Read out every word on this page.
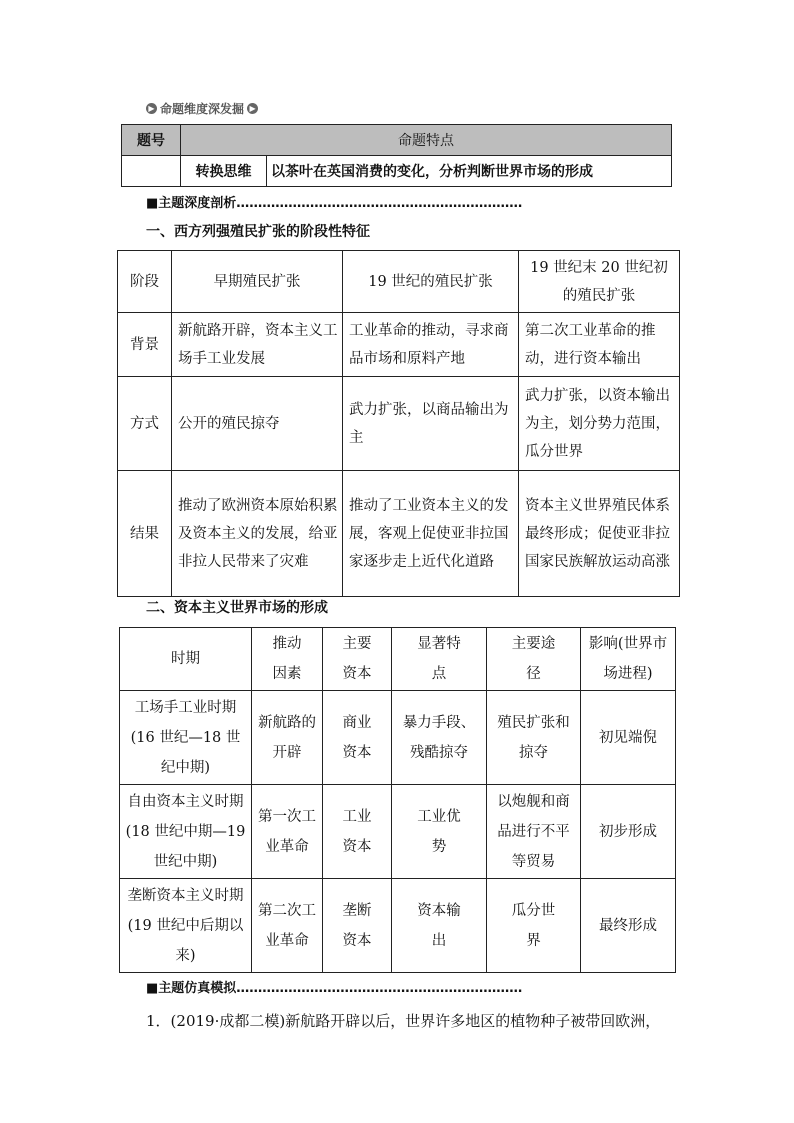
▶ 命题维度深发掘 ▶
题号	命题特点	
	转换思维	以茶叶在英国消费的变化，分析判断世界市场的形成
■主题深度剖析…………………………………………………………
一、西方列强殖民扩张的阶段性特征
阶段	早期殖民扩张	19 世纪的殖民扩张	19 世纪末 20 世纪初的殖民扩张
背景	新航路开辟，资本主义工场手工业发展	工业革命的推动，寻求商品市场和原料产地	第二次工业革命的推动，进行资本输出
方式	公开的殖民掠夺	武力扩张，以商品输出为主	武力扩张，以资本输出为主，划分势力范围，瓜分世界
结果	推动了欧洲资本原始积累及资本主义的发展，给亚非拉人民带来了灾难	推动了工业资本主义的发展，客观上促使亚非拉国家逐步走上近代化道路	资本主义世界殖民体系最终形成；促使亚非拉国家民族解放运动高涨
二、资本主义世界市场的形成
时期	推动因素	主要资本	显著特点	主要途径	影响(世界市场进程)
工场手工业时期(16 世纪—18 世纪中期)	新航路的开辟	商业资本	暴力手段、残酷掠夺	殖民扩张和掠夺	初见端倪
自由资本主义时期(18 世纪中期—19 世纪中期)	第一次工业革命	工业资本	工业优势	以炮舰和商品进行不平等贸易	初步形成
垄断资本主义时期(19 世纪中后期以来)	第二次工业革命	垄断资本	资本输出	瓜分世界	最终形成
■主题仿真模拟…………………………………………………………
1．(2019·成都二模)新航路开辟以后，世界许多地区的植物种子被带回欧洲，
